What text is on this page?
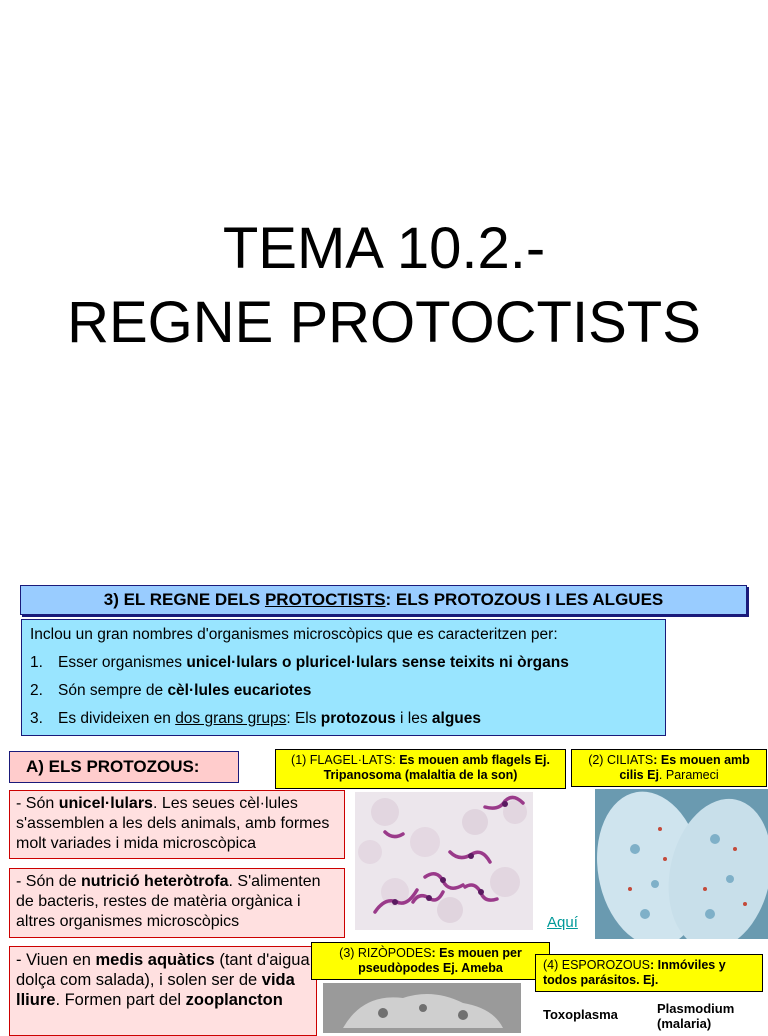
TEMA 10.2.-
REGNE PROTOCTISTS
3) EL REGNE DELS PROTOCTISTS: ELS PROTOZOUS I LES ALGUES
Inclou un gran nombres d'organismes microscòpics que es caracteritzen per:
1. Esser organismes unicel·lulars o pluricel·lulars sense teixits ni òrgans
2. Són sempre de cèl·lules eucariotes
3. Es divideixen en dos grans grups: Els protozous i les algues
A) ELS PROTOZOUS:
- Són unicel·lulars. Les seues cèl·lules s'assemblen a les dels animals, amb formes molt variades i mida microscòpica
- Són de nutrició heteròtrofa. S'alimenten de bacteris, restes de matèria orgànica i altres organismes microscòpics
- Viuen en medis aquàtics (tant d'aigua dolça com salada), i solen ser de vida lliure. Formen part del zooplancton
(1) FLAGEL·LATS: Es mouen amb flagels Ej. Tripanosoma (malaltia de la son)
(2) CILIATS: Es mouen amb cilis Ej. Parameci
(3) RIZÒPODES: Es mouen per pseudòpodes Ej. Ameba	(4) ESPOROZOUS: Inmóviles y todos parásitos. Ej.
Aquí
Toxoplasma	Plasmodium
(malaria)
